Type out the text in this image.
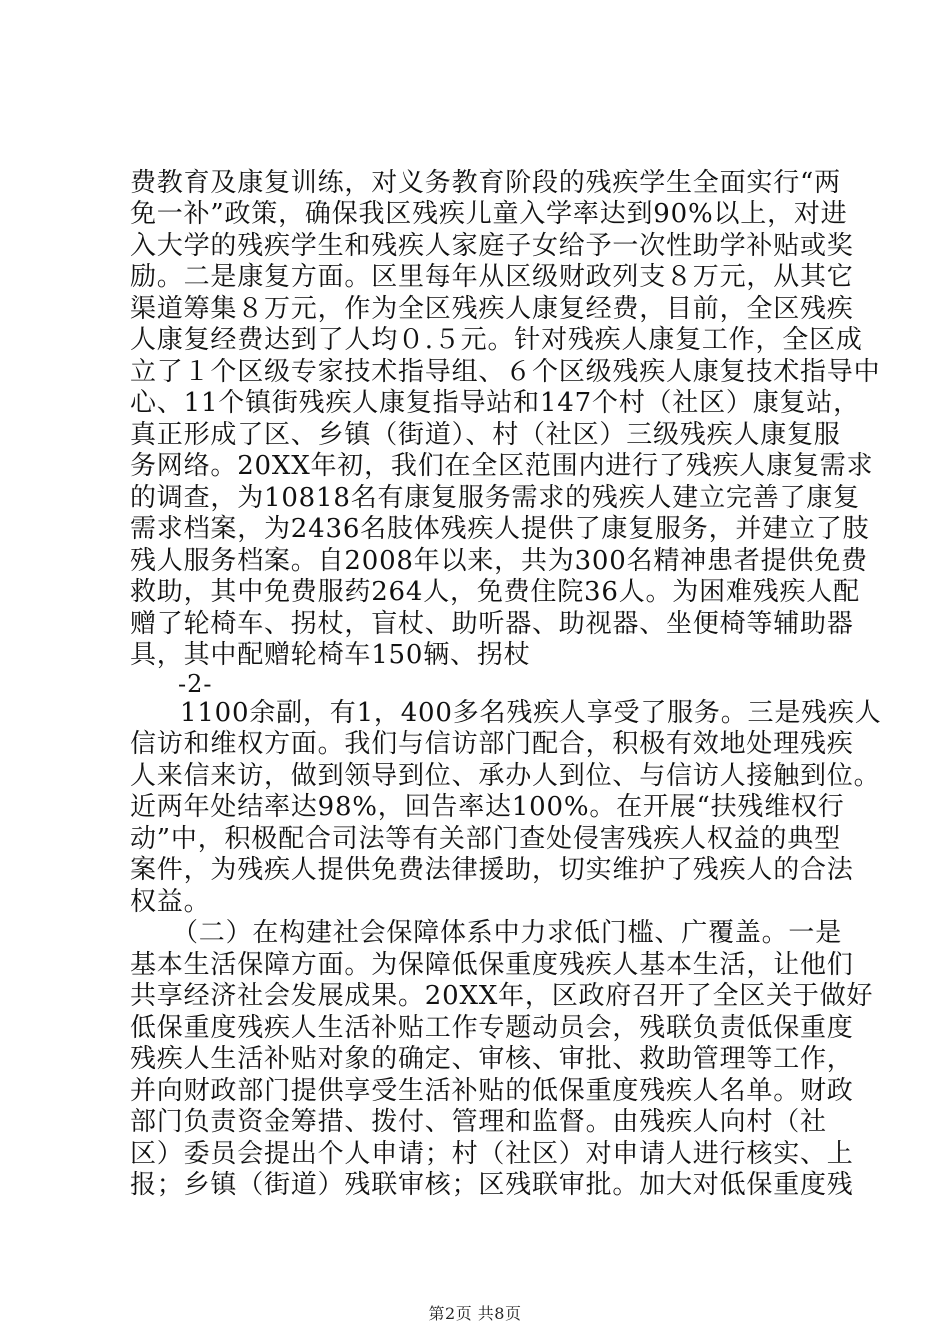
费教育及康复训练，对义务教育阶段的残疾学生全面实行“两
免一补”政策，确保我区残疾儿童入学率达到90%以上，对进
入大学的残疾学生和残疾人家庭子女给予一次性助学补贴或奖
励。二是康复方面。区里每年从区级财政列支８万元，从其它
渠道筹集８万元，作为全区残疾人康复经费，目前，全区残疾
人康复经费达到了人均０.５元。针对残疾人康复工作，全区成
立了１个区级专家技术指导组、６个区级残疾人康复技术指导中
心、11个镇街残疾人康复指导站和147个村（社区）康复站，
真正形成了区、乡镇（街道）、村（社区）三级残疾人康复服
务网络。20XX年初，我们在全区范围内进行了残疾人康复需求
的调查，为10818名有康复服务需求的残疾人建立完善了康复
需求档案，为2436名肢体残疾人提供了康复服务，并建立了肢
残人服务档案。自2008年以来，共为300名精神患者提供免费
救助，其中免费服药264人，免费住院36人。为困难残疾人配
赠了轮椅车、拐杖，盲杖、助听器、助视器、坐便椅等辅助器
具，其中配赠轮椅车150辆、拐杖
-2-
1100余副，有1，400多名残疾人享受了服务。三是残疾人
信访和维权方面。我们与信访部门配合，积极有效地处理残疾
人来信来访，做到领导到位、承办人到位、与信访人接触到位。
近两年处结率达98%，回告率达100%。在开展“扶残维权行
动”中，积极配合司法等有关部门查处侵害残疾人权益的典型
案件，为残疾人提供免费法律援助，切实维护了残疾人的合法
权益。
（二）在构建社会保障体系中力求低门槛、广覆盖。一是
基本生活保障方面。为保障低保重度残疾人基本生活，让他们
共享经济社会发展成果。20XX年，区政府召开了全区关于做好
低保重度残疾人生活补贴工作专题动员会，残联负责低保重度
残疾人生活补贴对象的确定、审核、审批、救助管理等工作，
并向财政部门提供享受生活补贴的低保重度残疾人名单。财政
部门负责资金筹措、拨付、管理和监督。由残疾人向村（社
区）委员会提出个人申请；村（社区）对申请人进行核实、上
报；乡镇（街道）残联审核；区残联审批。加大对低保重度残
第2页 共8页
